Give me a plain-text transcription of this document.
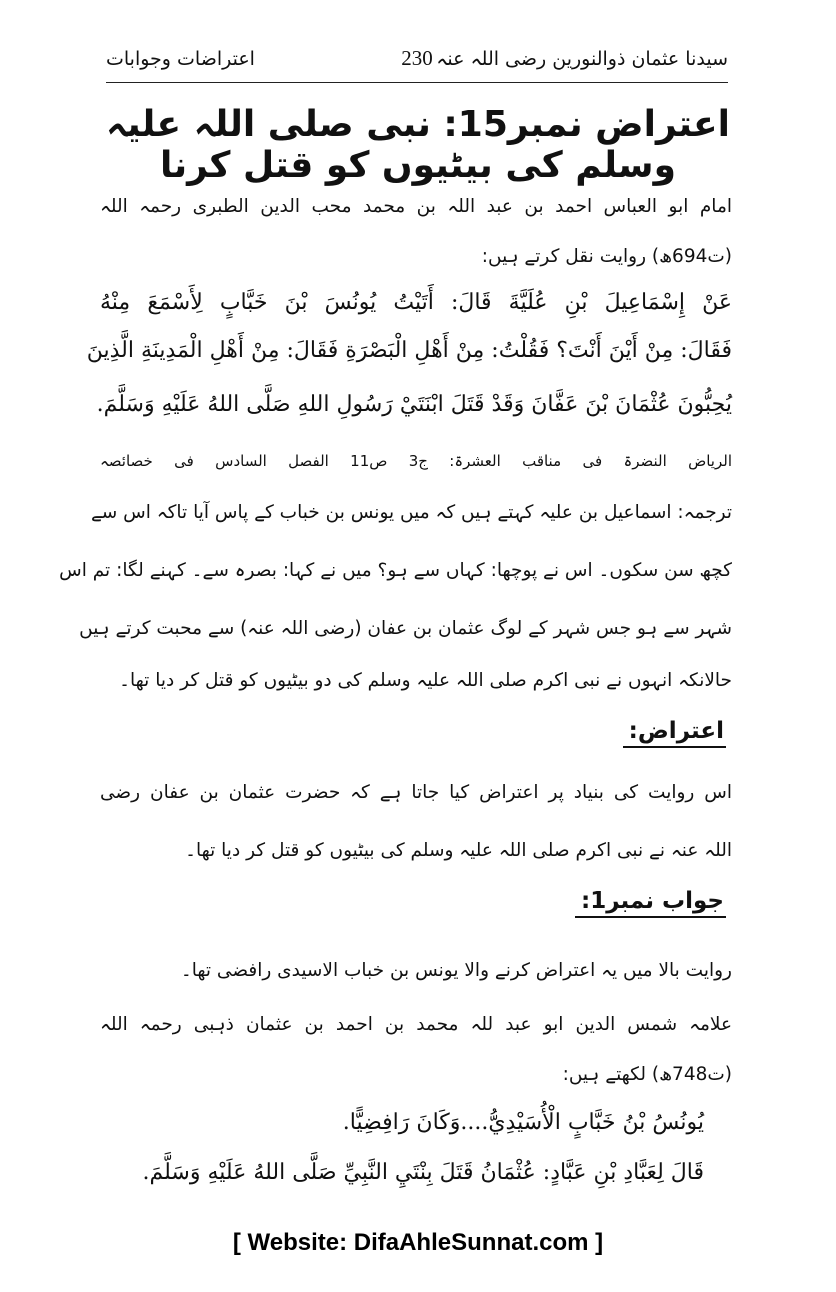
سیدنا عثمان ذوالنورین رضی اللہ عنہ
230
اعتراضات وجوابات
اعتراض نمبر15: نبی صلی اللہ علیہ وسلم کی بیٹیوں کو قتل کرنا
امام ابو العباس احمد بن عبد اللہ بن محمد محب الدین الطبری رحمہ اللہ
(ت694ھ) روایت نقل کرتے ہیں:
عَنْ إِسْمَاعِيلَ بْنِ عُلَيَّةَ قَالَ: أَتَيْتُ يُونُسَ بْنَ خَبَّابٍ لِأَسْمَعَ مِنْهُ
فَقَالَ: مِنْ أَيْنَ أَنْتَ؟ فَقُلْتُ: مِنْ أَهْلِ الْبَصْرَةِ فَقَالَ: مِنْ أَهْلِ الْمَدِينَةِ الَّذِينَ
يُحِبُّونَ عُثْمَانَ بْنَ عَفَّانَ وَقَدْ قَتَلَ ابْنَتَيْ رَسُولِ اللهِ صَلَّى اللهُ عَلَيْهِ وَسَلَّمَ.
الریاض النضرۃ فی مناقب العشرۃ: ج3 ص11 الفصل السادس فی خصائصہ
ترجمہ: اسماعیل بن علیہ کہتے ہیں کہ میں یونس بن خباب کے پاس آیا تاکہ اس سے
کچھ سن سکوں۔ اس نے پوچھا: کہاں سے ہو؟ میں نے کہا: بصرہ سے۔ کہنے لگا: تم اس
شہر سے ہو جس شہر کے لوگ عثمان بن عفان (رضی اللہ عنہ) سے محبت کرتے ہیں
حالانکہ انہوں نے نبی اکرم صلی اللہ علیہ وسلم کی دو بیٹیوں کو قتل کر دیا تھا۔
اعتراض:
اس روایت کی بنیاد پر اعتراض کیا جاتا ہے کہ حضرت عثمان بن عفان رضی
اللہ عنہ نے نبی اکرم صلی اللہ علیہ وسلم کی بیٹیوں کو قتل کر دیا تھا۔
جواب نمبر1:
روایت بالا میں یہ اعتراض کرنے والا یونس بن خباب الاسیدی رافضی تھا۔
علامہ شمس الدین ابو عبد للہ محمد بن احمد بن عثمان ذہبی رحمہ اللہ
(ت748ھ) لکھتے ہیں:
يُونُسُ بْنُ خَبَّابٍ الْأُسَيْدِيُّ....وَكَانَ رَافِضِيًّا.
قَالَ لِعَبَّادِ بْنِ عَبَّادٍ: عُثْمَانُ قَتَلَ بِنْتَيِ النَّبِيِّ صَلَّى اللهُ عَلَيْهِ وَسَلَّمَ.
[ Website: DifaAhleSunnat.com ]
